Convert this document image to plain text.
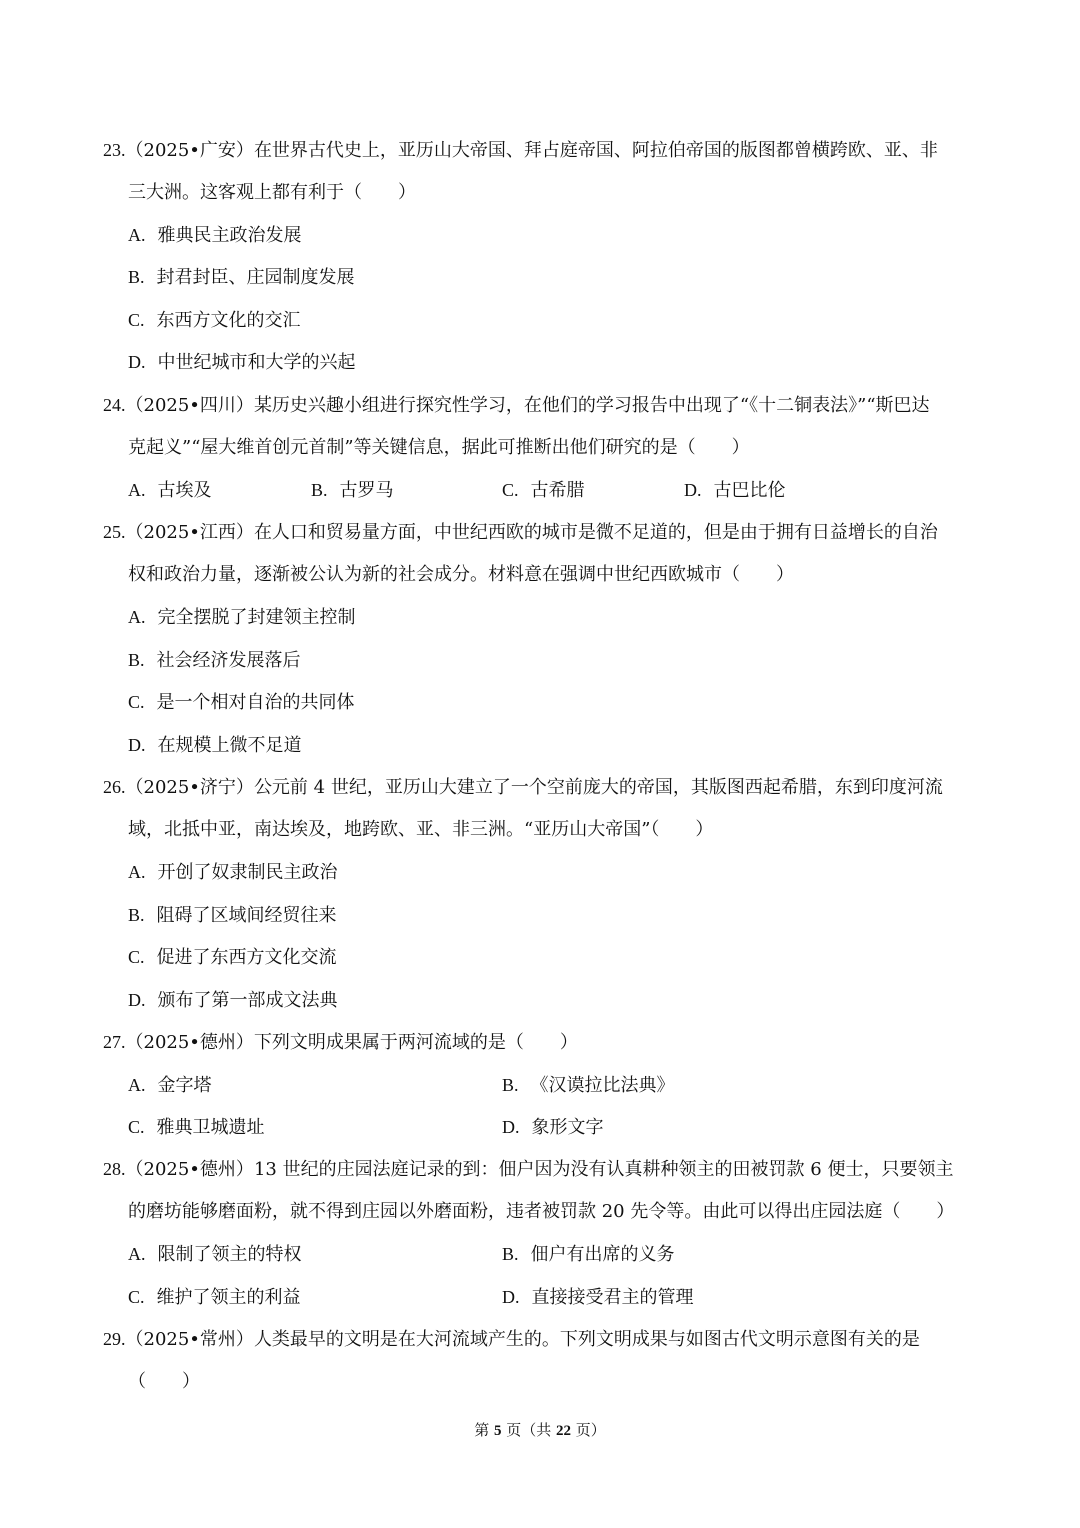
23.（2025•广安）在世界古代史上，亚历山大帝国、拜占庭帝国、阿拉伯帝国的版图都曾横跨欧、亚、非
三大洲。这客观上都有利于（　　）
A. 雅典民主政治发展
B. 封君封臣、庄园制度发展
C. 东西方文化的交汇
D. 中世纪城市和大学的兴起
24.（2025•四川）某历史兴趣小组进行探究性学习，在他们的学习报告中出现了“《十二铜表法》”“斯巴达
克起义”“屋大维首创元首制”等关键信息，据此可推断出他们研究的是（　　）
A. 古埃及	B. 古罗马	C. 古希腊	D. 古巴比伦
25.（2025•江西）在人口和贸易量方面，中世纪西欧的城市是微不足道的，但是由于拥有日益增长的自治
权和政治力量，逐渐被公认为新的社会成分。材料意在强调中世纪西欧城市（　　）
A. 完全摆脱了封建领主控制
B. 社会经济发展落后
C. 是一个相对自治的共同体
D. 在规模上微不足道
26.（2025•济宁）公元前 4 世纪，亚历山大建立了一个空前庞大的帝国，其版图西起希腊，东到印度河流
域，北抵中亚，南达埃及，地跨欧、亚、非三洲。“亚历山大帝国”（　　）
A. 开创了奴隶制民主政治
B. 阻碍了区域间经贸往来
C. 促进了东西方文化交流
D. 颁布了第一部成文法典
27.（2025•德州）下列文明成果属于两河流域的是（　　）
A. 金字塔	B. 《汉谟拉比法典》
C. 雅典卫城遗址	D. 象形文字
28.（2025•德州）13 世纪的庄园法庭记录的到：佃户因为没有认真耕种领主的田被罚款 6 便士，只要领主
的磨坊能够磨面粉，就不得到庄园以外磨面粉，违者被罚款 20 先令等。由此可以得出庄园法庭（　　）
A. 限制了领主的特权	B. 佃户有出席的义务
C. 维护了领主的利益	D. 直接接受君主的管理
29.（2025•常州）人类最早的文明是在大河流域产生的。下列文明成果与如图古代文明示意图有关的是
（　　）
第 5 页（共 22 页）
